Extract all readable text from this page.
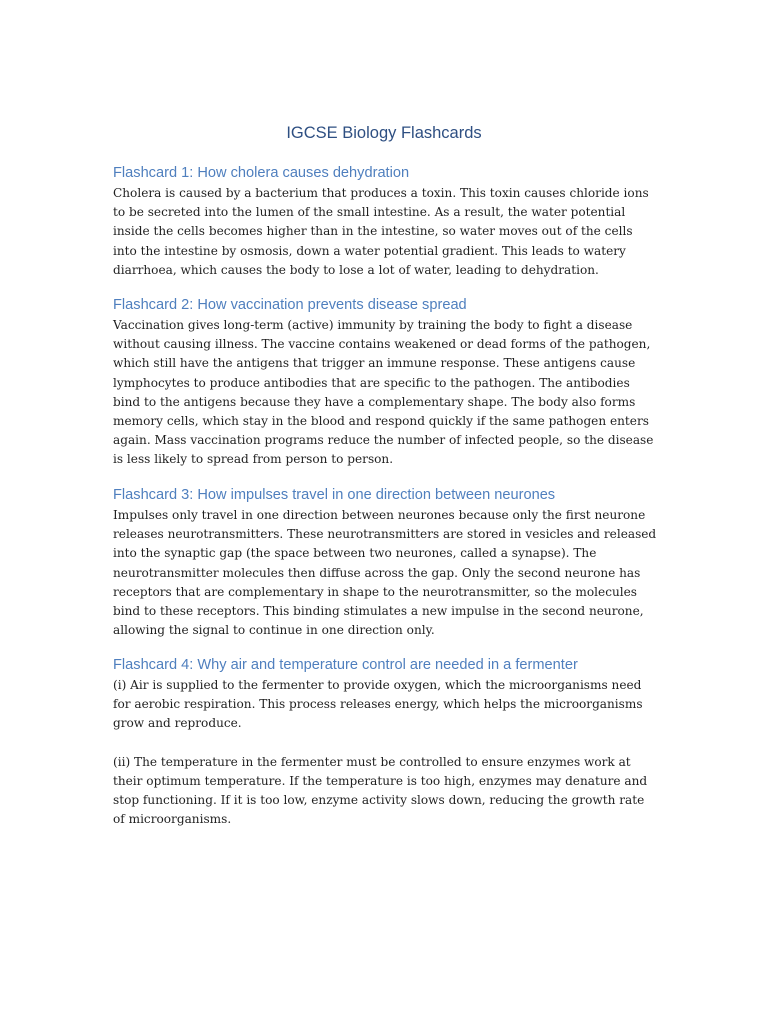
IGCSE Biology Flashcards
Flashcard 1: How cholera causes dehydration

Cholera is caused by a bacterium that produces a toxin. This toxin causes chloride ions to be secreted into the lumen of the small intestine. As a result, the water potential inside the cells becomes higher than in the intestine, so water moves out of the cells into the intestine by osmosis, down a water potential gradient. This leads to watery diarrhoea, which causes the body to lose a lot of water, leading to dehydration.

Flashcard 2: How vaccination prevents disease spread

Vaccination gives long-term (active) immunity by training the body to fight a disease without causing illness. The vaccine contains weakened or dead forms of the pathogen, which still have the antigens that trigger an immune response. These antigens cause lymphocytes to produce antibodies that are specific to the pathogen. The antibodies bind to the antigens because they have a complementary shape. The body also forms memory cells, which stay in the blood and respond quickly if the same pathogen enters again. Mass vaccination programs reduce the number of infected people, so the disease is less likely to spread from person to person.

Flashcard 3: How impulses travel in one direction between neurones

Impulses only travel in one direction between neurones because only the first neurone releases neurotransmitters. These neurotransmitters are stored in vesicles and released into the synaptic gap (the space between two neurones, called a synapse). The neurotransmitter molecules then diffuse across the gap. Only the second neurone has receptors that are complementary in shape to the neurotransmitter, so the molecules bind to these receptors. This binding stimulates a new impulse in the second neurone, allowing the signal to continue in one direction only.

Flashcard 4: Why air and temperature control are needed in a fermenter

(i) Air is supplied to the fermenter to provide oxygen, which the microorganisms need for aerobic respiration. This process releases energy, which helps the microorganisms grow and reproduce.

(ii) The temperature in the fermenter must be controlled to ensure enzymes work at their optimum temperature. If the temperature is too high, enzymes may denature and stop functioning. If it is too low, enzyme activity slows down, reducing the growth rate of microorganisms.
